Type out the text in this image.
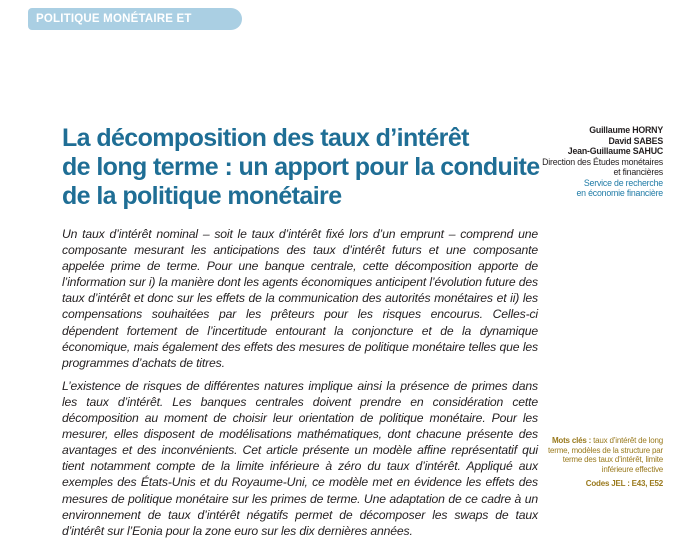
POLITIQUE MONÉTAIRE ET INFLATION
La décomposition des taux d’intérêt
de long terme : un apport pour la conduite
de la politique monétaire
Guillaume HORNY
David SABES
Jean-Guillaume SAHUC
Direction des Études monétaires
et financières
Service de recherche
en économie financière

Un taux d’intérêt nominal – soit le taux d’intérêt fixé lors d’un emprunt – comprend une composante mesurant les anticipations des taux d’intérêt futurs et une composante appelée prime de terme. Pour une banque centrale, cette décomposition apporte de l’information sur i) la manière dont les agents économiques anticipent l’évolution future des taux d’intérêt et donc sur les effets de la communication des autorités monétaires et ii) les compensations souhaitées par les prêteurs pour les risques encourus. Celles-ci dépendent fortement de l’incertitude entourant la conjoncture et de la dynamique économique, mais également des effets des mesures de politique monétaire telles que les programmes d’achats de titres.

L’existence de risques de différentes natures implique ainsi la présence de primes dans les taux d’intérêt. Les banques centrales doivent prendre en considération cette décomposition au moment de choisir leur orientation de politique monétaire. Pour les mesurer, elles disposent de modélisations mathématiques, dont chacune présente des avantages et des inconvénients. Cet article présente un modèle affine représentatif qui tient notamment compte de la limite inférieure à zéro du taux d’intérêt. Appliqué aux exemples des États-Unis et du Royaume-Uni, ce modèle met en évidence les effets des mesures de politique monétaire sur les primes de terme. Une adaptation de ce cadre à un environnement de taux d’intérêt négatifs permet de décomposer les swaps de taux d’intérêt sur l’Eonia pour la zone euro sur les dix dernières années.

Mots clés : taux d’intérêt de long terme, modèles de la structure par terme des taux d’intérêt, limite inférieure effective
Codes JEL : E43, E52
